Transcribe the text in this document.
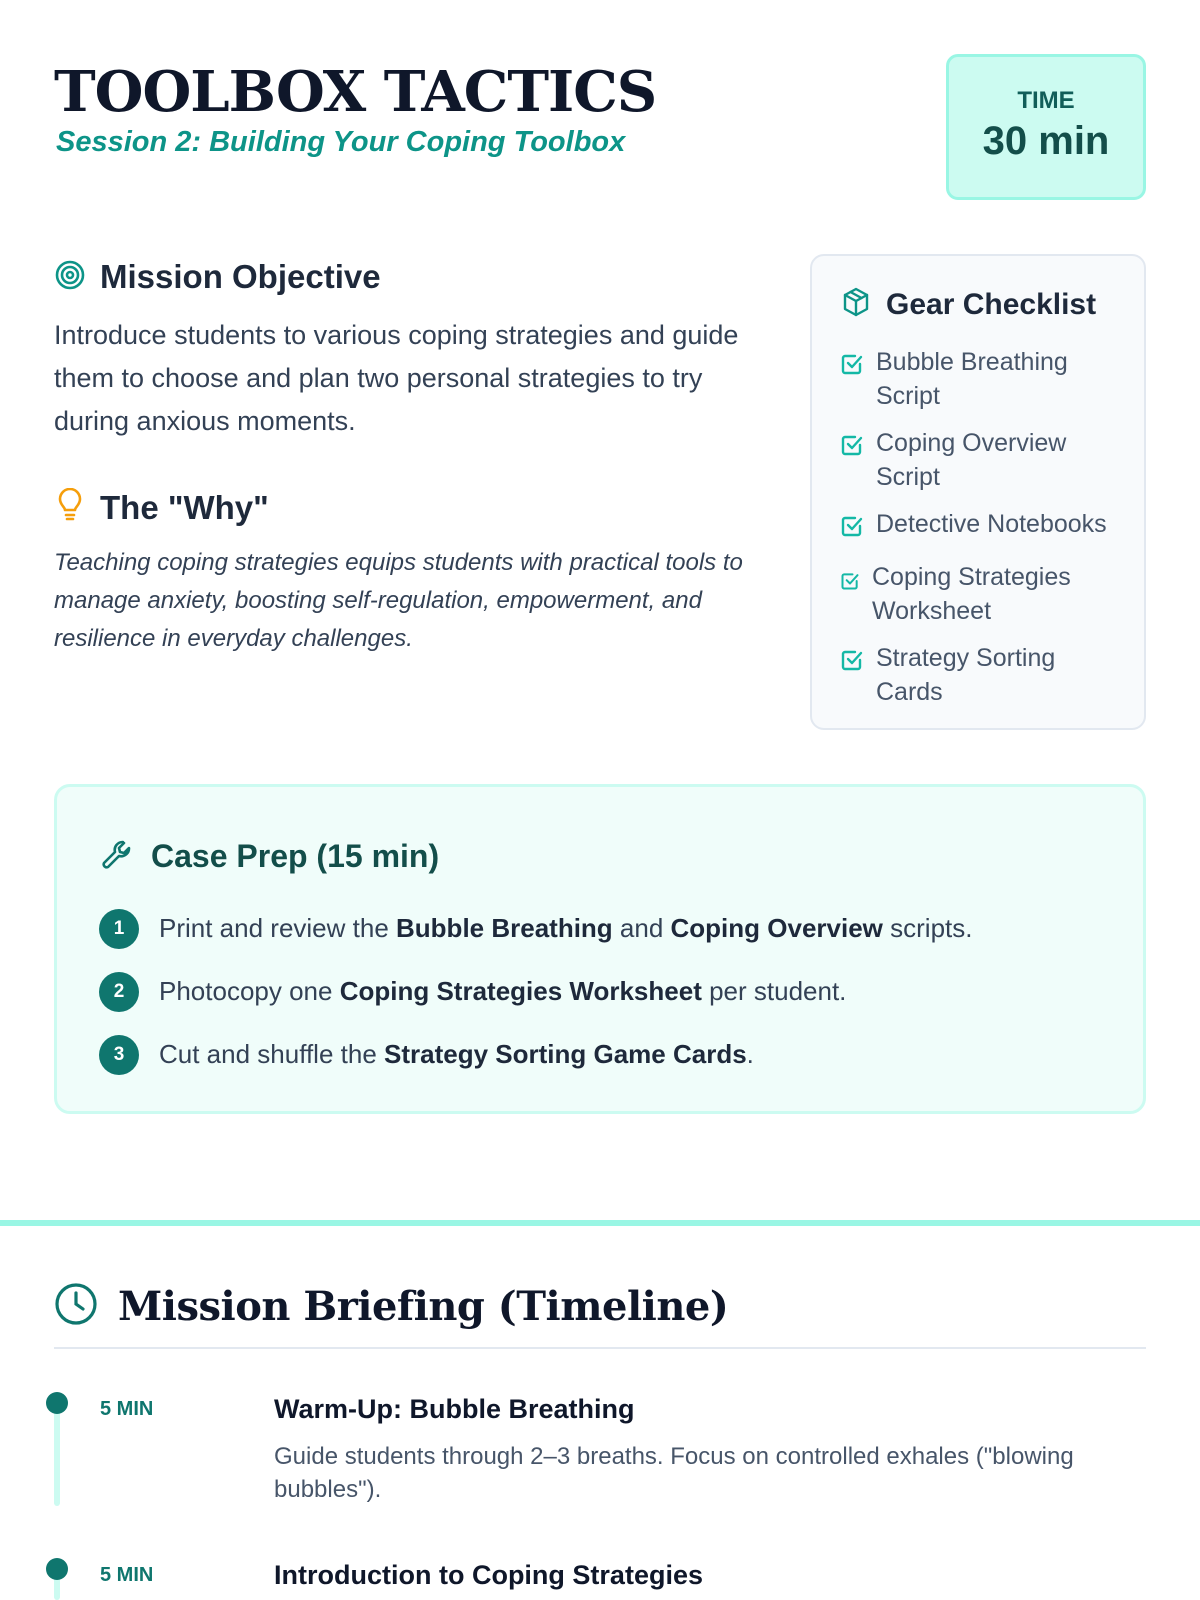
TOOLBOX TACTICS
Session 2: Building Your Coping Toolbox
TIME
30 min
Mission Objective

Introduce students to various coping strategies and guide them to choose and plan two personal strategies to try during anxious moments.

The "Why"

Teaching coping strategies equips students with practical tools to manage anxiety, boosting self-regulation, empowerment, and resilience in everyday challenges.

Gear Checklist
Bubble Breathing Script
Coping Overview Script
Detective Notebooks
Coping Strategies Worksheet
Strategy Sorting Cards
Case Prep (15 min)
1	Print and review the Bubble Breathing and Coping Overview scripts.
2	Photocopy one Coping Strategies Worksheet per student.
3	Cut and shuffle the Strategy Sorting Game Cards.
Mission Briefing (Timeline)
5 MIN	Warm-Up: Bubble Breathing
Guide students through 2–3 breaths. Focus on controlled exhales ("blowing bubbles").
5 MIN	Introduction to Coping Strategies
